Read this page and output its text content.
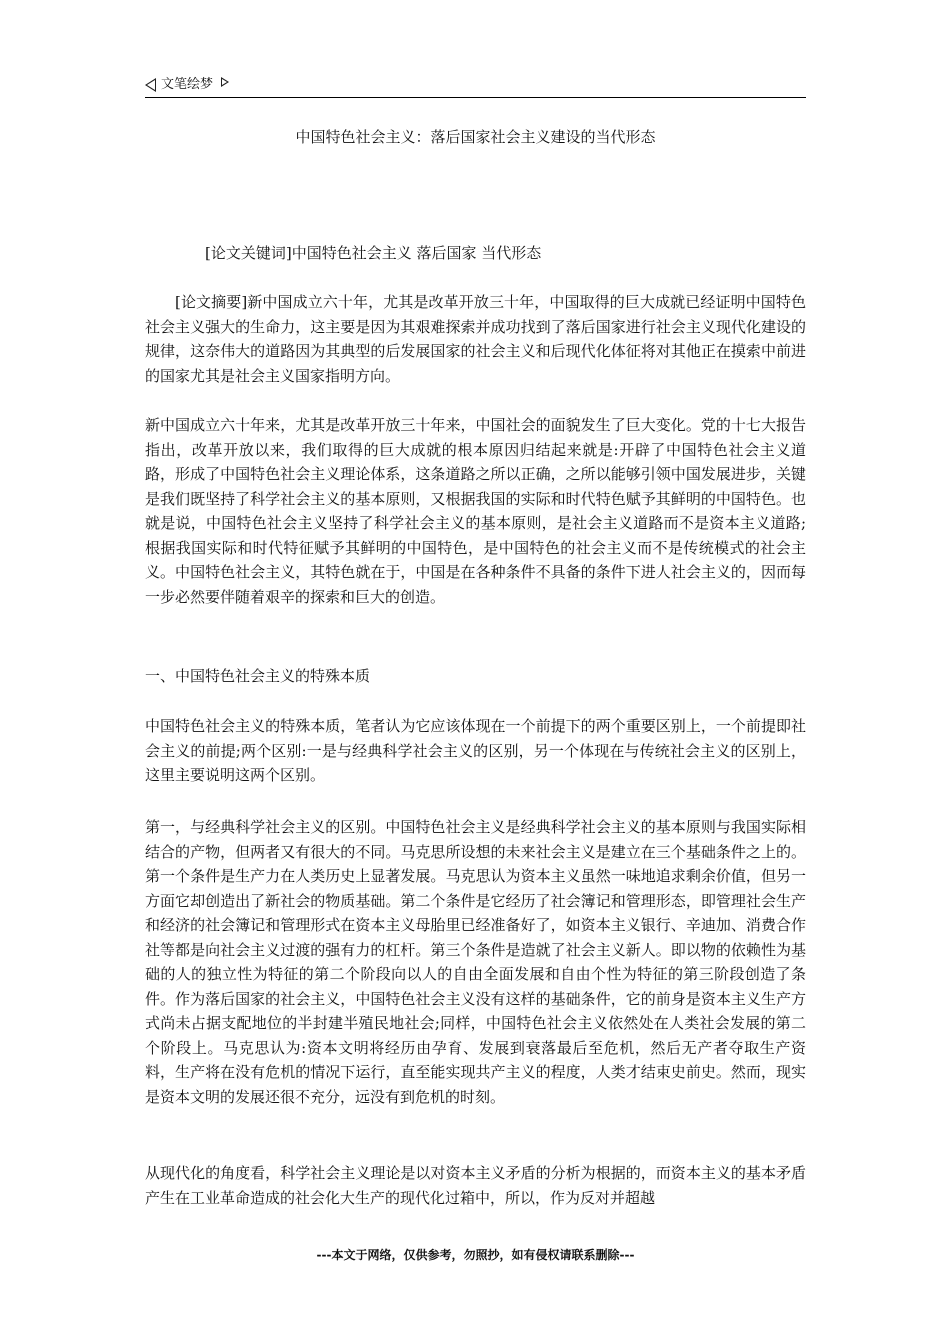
文笔绘梦
中国特色社会主义：落后国家社会主义建设的当代形态
[论文关键词]中国特色社会主义 落后国家 当代形态
[论文摘要]新中国成立六十年，尤其是改革开放三十年，中国取得的巨大成就已经证明中国特色社会主义强大的生命力，这主要是因为其艰难探索并成功找到了落后国家进行社会主义现代化建设的规律，这奈伟大的道路因为其典型的后发展国家的社会主义和后现代化体征将对其他正在摸索中前进的国家尤其是社会主义国家指明方向。
新中国成立六十年来，尤其是改革开放三十年来，中国社会的面貌发生了巨大变化。党的十七大报告指出，改革开放以来，我们取得的巨大成就的根本原因归结起来就是:开辟了中国特色社会主义道路，形成了中国特色社会主义理论体系，这条道路之所以正确，之所以能够引领中国发展进步，关键是我们既坚持了科学社会主义的基本原则，又根据我国的实际和时代特色赋予其鲜明的中国特色。也就是说，中国特色社会主义坚持了科学社会主义的基本原则，是社会主义道路而不是资本主义道路;根据我国实际和时代特征赋予其鲜明的中国特色，是中国特色的社会主义而不是传统模式的社会主义。中国特色社会主义，其特色就在于，中国是在各种条件不具备的条件下进人社会主义的，因而每一步必然要伴随着艰辛的探索和巨大的创造。
一、中国特色社会主义的特殊本质
中国特色社会主义的特殊本质，笔者认为它应该体现在一个前提下的两个重要区别上，一个前提即社会主义的前提;两个区别:一是与经典科学社会主义的区别，另一个体现在与传统社会主义的区别上，这里主要说明这两个区别。
第一，与经典科学社会主义的区别。中国特色社会主义是经典科学社会主义的基本原则与我国实际相结合的产物，但两者又有很大的不同。马克思所设想的未来社会主义是建立在三个基础条件之上的。第一个条件是生产力在人类历史上显著发展。马克思认为资本主义虽然一味地追求剩余价值，但另一方面它却创造出了新社会的物质基础。第二个条件是它经历了社会簿记和管理形态，即管理社会生产和经济的社会簿记和管理形式在资本主义母胎里已经准备好了，如资本主义银行、辛迪加、消费合作社等都是向社会主义过渡的强有力的杠杆。第三个条件是造就了社会主义新人。即以物的依赖性为基础的人的独立性为特征的第二个阶段向以人的自由全面发展和自由个性为特征的第三阶段创造了条件。作为落后国家的社会主义，中国特色社会主义没有这样的基础条件，它的前身是资本主义生产方式尚未占据支配地位的半封建半殖民地社会;同样，中国特色社会主义依然处在人类社会发展的第二个阶段上。马克思认为:资本文明将经历由孕育、发展到衰落最后至危机，然后无产者夺取生产资料，生产将在没有危机的情况下运行，直至能实现共产主义的程度，人类才结束史前史。然而，现实是资本文明的发展还很不充分，远没有到危机的时刻。
从现代化的角度看，科学社会主义理论是以对资本主义矛盾的分析为根据的，而资本主义的基本矛盾产生在工业革命造成的社会化大生产的现代化过箱中，所以，作为反对并超越
---本文于网络，仅供参考，勿照抄，如有侵权请联系删除---
